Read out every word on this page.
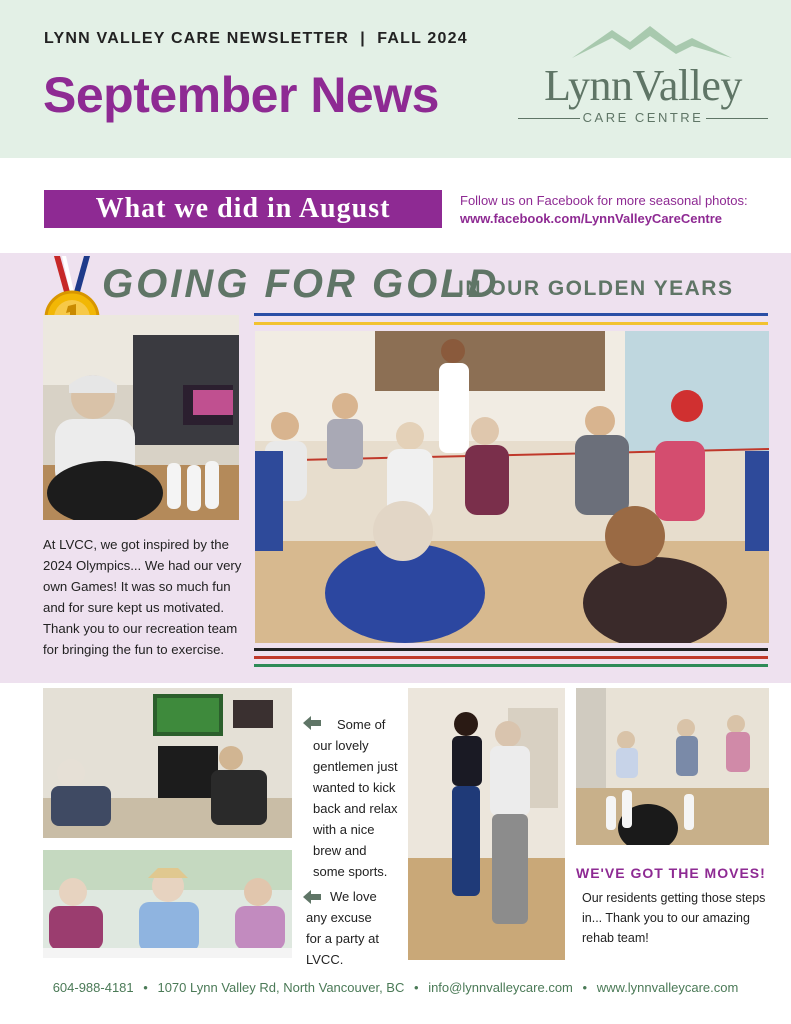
LYNN VALLEY CARE NEWSLETTER  |  FALL 2024
September News	LynnValley
CARE CENTRE
What we did in August	Follow us on Facebook for more seasonal photos:
www.facebook.com/LynnValleyCareCentre
GOING FOR GOLD
IN OUR GOLDEN YEARS
At LVCC, we got inspired by the 2024 Olympics... We had our very own Games! It was so much fun and for sure kept us motivated. Thank you to our recreation team for bringing the fun to exercise.
Some of our lovely gentlemen just wanted to kick back and relax with a nice brew and some sports.
We love any excuse for a party at LVCC.
WE'VE GOT THE MOVES!
Our residents getting those steps in... Thank you to our amazing rehab team!
604-988-4181 • 1070 Lynn Valley Rd, North Vancouver, BC • info@lynnvalleycare.com • www.lynnvalleycare.com
